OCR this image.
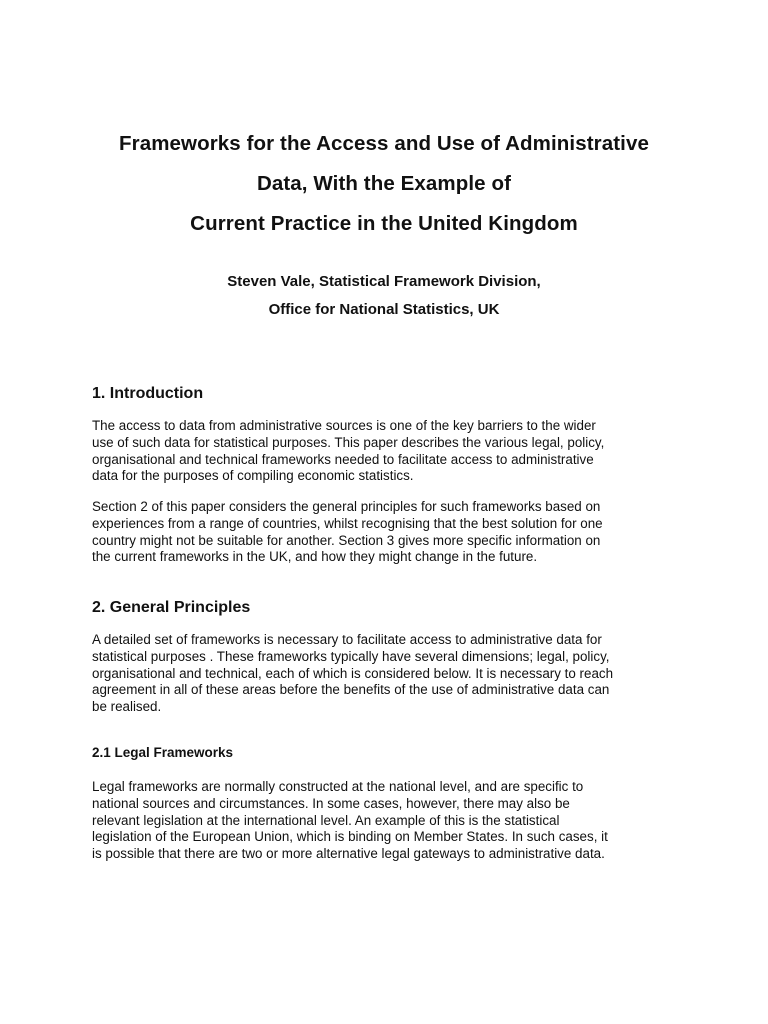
Frameworks for the Access and Use of Administrative
Data, With the Example of
Current Practice in the United Kingdom
Steven Vale, Statistical Framework Division,
Office for National Statistics, UK
1. Introduction

The access to data from administrative sources is one of the key barriers to the wider
use of such data for statistical purposes. This paper describes the various legal, policy,
organisational and technical frameworks needed to facilitate access to administrative
data for the purposes of compiling economic statistics.

Section 2 of this paper considers the general principles for such frameworks based on
experiences from a range of countries, whilst recognising that the best solution for one
country might not be suitable for another. Section 3 gives more specific information on
the current frameworks in the UK, and how they might change in the future.

2. General Principles

A detailed set of frameworks is necessary to facilitate access to administrative data for
statistical purposes . These frameworks typically have several dimensions; legal, policy,
organisational and technical, each of which is considered below. It is necessary to reach
agreement in all of these areas before the benefits of the use of administrative data can
be realised.

2.1 Legal Frameworks

Legal frameworks are normally constructed at the national level, and are specific to
national sources and circumstances. In some cases, however, there may also be
relevant legislation at the international level. An example of this is the statistical
legislation of the European Union, which is binding on Member States. In such cases, it
is possible that there are two or more alternative legal gateways to administrative data.
